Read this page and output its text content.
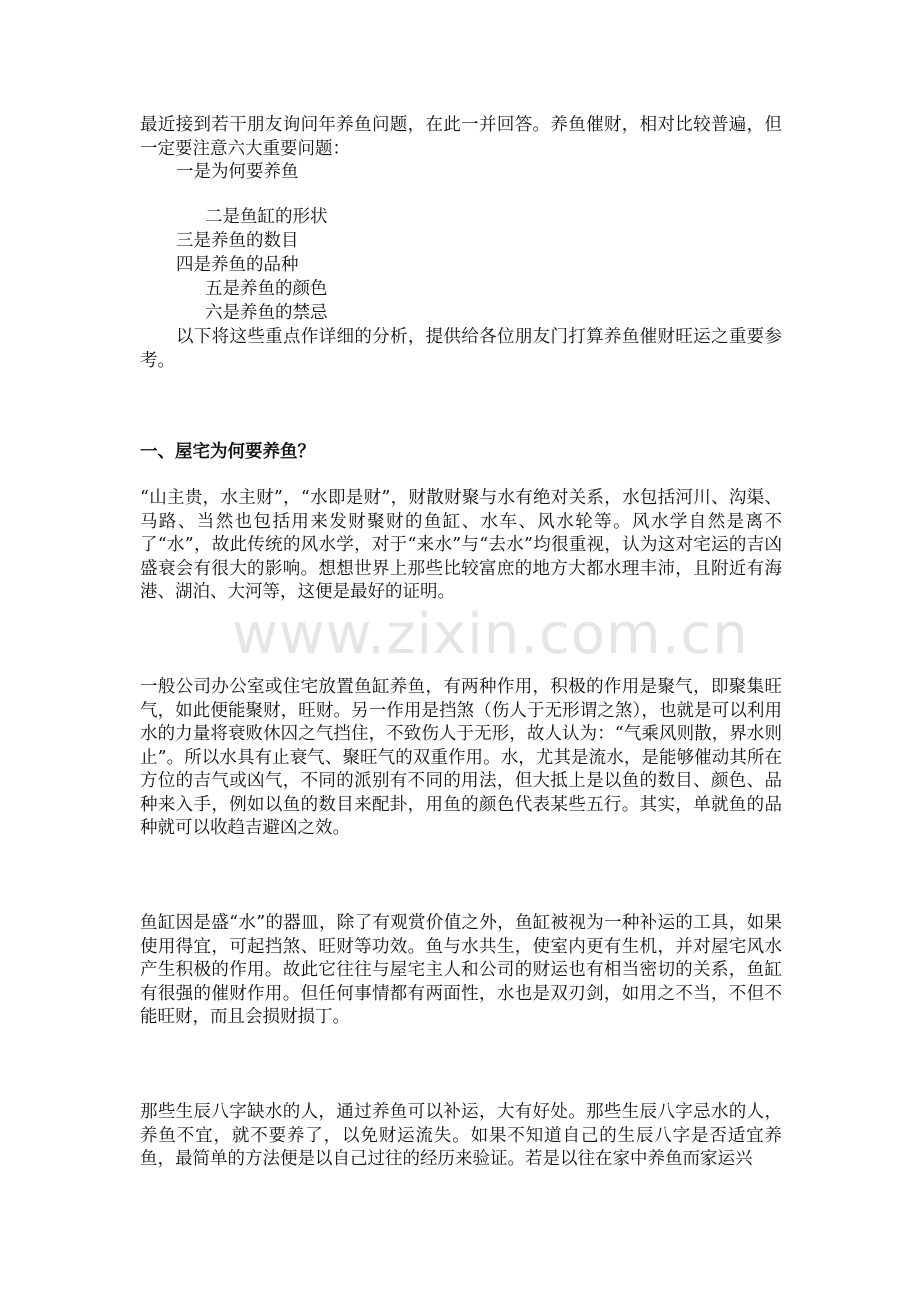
最近接到若干朋友询问年养鱼问题，在此一并回答。养鱼催财，相对比较普遍，但一定要注意六大重要问题：

一是为何要养鱼

二是鱼缸的形状

三是养鱼的数目

四是养鱼的品种

五是养鱼的颜色

六是养鱼的禁忌

以下将这些重点作详细的分析，提供给各位朋友门打算养鱼催财旺运之重要参考。

一、屋宅为何要养鱼？

“山主贵，水主财”，“水即是财”，财散财聚与水有绝对关系，水包括河川、沟渠、马路、当然也包括用来发财聚财的鱼缸、水车、风水轮等。风水学自然是离不了“水”，故此传统的风水学，对于“来水”与“去水”均很重视，认为这对宅运的吉凶盛衰会有很大的影响。想想世界上那些比较富庶的地方大都水理丰沛，且附近有海港、湖泊、大河等，这便是最好的证明。

www.zixin.com.cn

一般公司办公室或住宅放置鱼缸养鱼，有两种作用，积极的作用是聚气，即聚集旺气，如此便能聚财，旺财。另一作用是挡煞（伤人于无形谓之煞），也就是可以利用水的力量将衰败休囚之气挡住，不致伤人于无形，故人认为：“气乘风则散，界水则止”。所以水具有止衰气、聚旺气的双重作用。水，尤其是流水，是能够催动其所在方位的吉气或凶气，不同的派别有不同的用法，但大抵上是以鱼的数目、颜色、品种来入手，例如以鱼的数目来配卦，用鱼的颜色代表某些五行。其实，单就鱼的品种就可以收趋吉避凶之效。

鱼缸因是盛“水”的器皿，除了有观赏价值之外，鱼缸被视为一种补运的工具，如果使用得宜，可起挡煞、旺财等功效。鱼与水共生，使室内更有生机，并对屋宅风水产生积极的作用。故此它往往与屋宅主人和公司的财运也有相当密切的关系，鱼缸有很强的催财作用。但任何事情都有两面性，水也是双刃剑，如用之不当，不但不能旺财，而且会损财损丁。

那些生辰八字缺水的人，通过养鱼可以补运，大有好处。那些生辰八字忌水的人，养鱼不宜，就不要养了，以免财运流失。如果不知道自己的生辰八字是否适宜养鱼，最简单的方法便是以自己过往的经历来验证。若是以往在家中养鱼而家运兴
